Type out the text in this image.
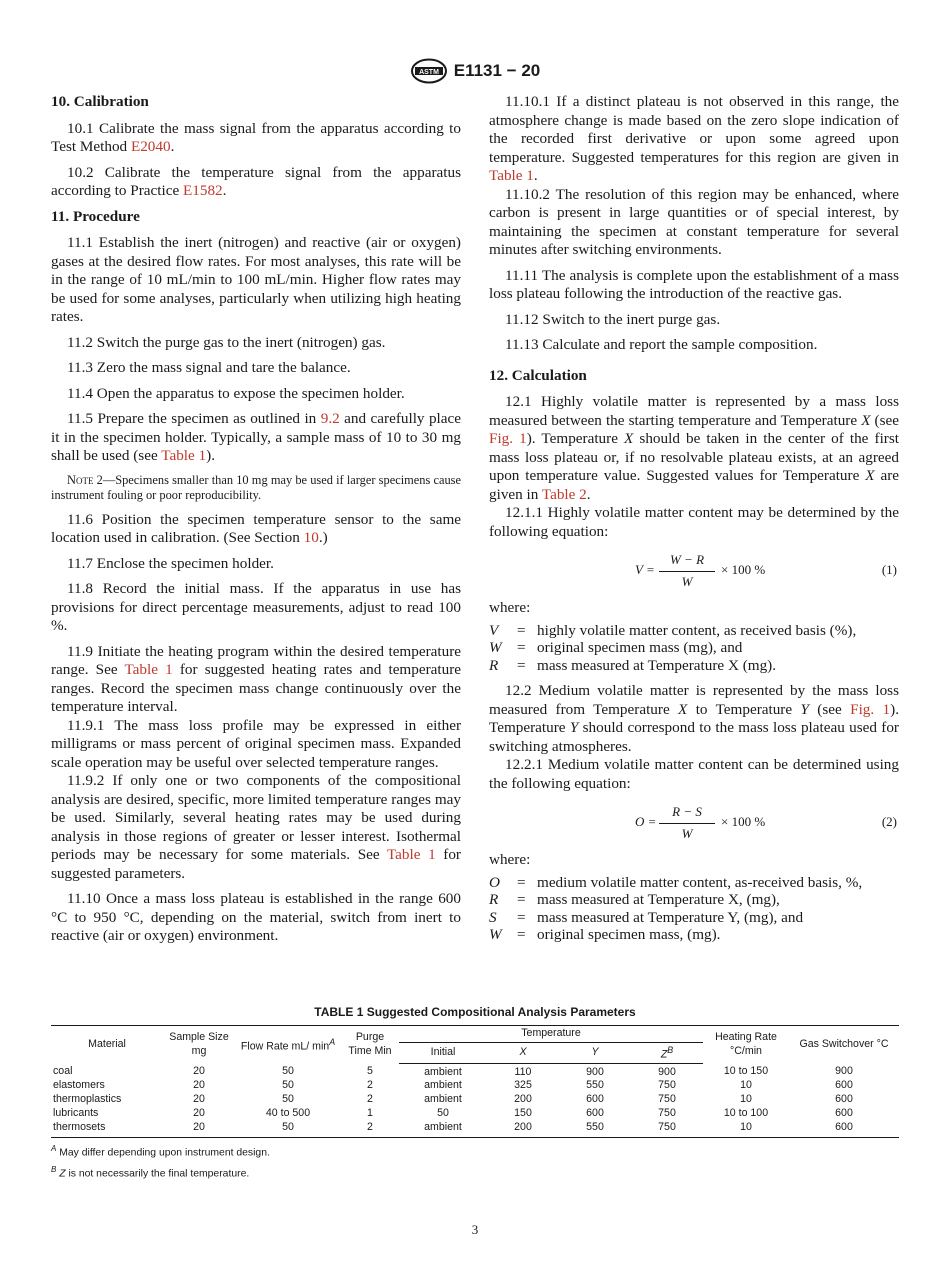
ASTM E1131 − 20
10. Calibration
10.1 Calibrate the mass signal from the apparatus according to Test Method E2040.
10.2 Calibrate the temperature signal from the apparatus according to Practice E1582.
11. Procedure
11.1 Establish the inert (nitrogen) and reactive (air or oxygen) gases at the desired flow rates. For most analyses, this rate will be in the range of 10 mL/min to 100 mL/min. Higher flow rates may be used for some analyses, particularly when utilizing high heating rates.
11.2 Switch the purge gas to the inert (nitrogen) gas.
11.3 Zero the mass signal and tare the balance.
11.4 Open the apparatus to expose the specimen holder.
11.5 Prepare the specimen as outlined in 9.2 and carefully place it in the specimen holder. Typically, a sample mass of 10 to 30 mg shall be used (see Table 1).
Note 2—Specimens smaller than 10 mg may be used if larger specimens cause instrument fouling or poor reproducibility.
11.6 Position the specimen temperature sensor to the same location used in calibration. (See Section 10.)
11.7 Enclose the specimen holder.
11.8 Record the initial mass. If the apparatus in use has provisions for direct percentage measurements, adjust to read 100 %.
11.9 Initiate the heating program within the desired temperature range. See Table 1 for suggested heating rates and temperature ranges. Record the specimen mass change continuously over the temperature interval.
11.9.1 The mass loss profile may be expressed in either milligrams or mass percent of original specimen mass. Expanded scale operation may be useful over selected temperature ranges.
11.9.2 If only one or two components of the compositional analysis are desired, specific, more limited temperature ranges may be used. Similarly, several heating rates may be used during analysis in those regions of greater or lesser interest. Isothermal periods may be necessary for some materials. See Table 1 for suggested parameters.
11.10 Once a mass loss plateau is established in the range 600 °C to 950 °C, depending on the material, switch from inert to reactive (air or oxygen) environment.
11.10.1 If a distinct plateau is not observed in this range, the atmosphere change is made based on the zero slope indication of the recorded first derivative or upon some agreed upon temperature. Suggested temperatures for this region are given in Table 1.
11.10.2 The resolution of this region may be enhanced, where carbon is present in large quantities or of special interest, by maintaining the specimen at constant temperature for several minutes after switching environments.
11.11 The analysis is complete upon the establishment of a mass loss plateau following the introduction of the reactive gas.
11.12 Switch to the inert purge gas.
11.13 Calculate and report the sample composition.
12. Calculation
12.1 Highly volatile matter is represented by a mass loss measured between the starting temperature and Temperature X (see Fig. 1). Temperature X should be taken in the center of the first mass loss plateau or, if no resolvable plateau exists, at an agreed upon temperature value. Suggested values for Temperature X are given in Table 2.
12.1.1 Highly volatile matter content may be determined by the following equation:
$V = \frac{W - R}{W} \times 100$ %	(1)
where:
V	= highly volatile matter content, as received basis (%),
W	= original specimen mass (mg), and
R	= mass measured at Temperature X (mg).
12.2 Medium volatile matter is represented by the mass loss measured from Temperature X to Temperature Y (see Fig. 1). Temperature Y should correspond to the mass loss plateau used for switching atmospheres.
12.2.1 Medium volatile matter content can be determined using the following equation:
$O = \frac{R - S}{W} \times 100$ %	(2)
where:
O	= medium volatile matter content, as-received basis, %,
R	= mass measured at Temperature X, (mg),
S	= mass measured at Temperature Y, (mg), and
W	= original specimen mass, (mg).
TABLE 1 Suggested Compositional Analysis Parameters
Material	Sample Size mg	Flow Rate mL/ $\min^A$	Purge Time Min	Temperature				Heating Rate °C/min	Gas Switchover °C
				Initial	X	Y	$Z^B$
coal	20	50	5	ambient	110	900	900	10 to 150	900
elastomers	20	50	2	ambient	325	550	750	10	600
thermoplastics	20	50	2	ambient	200	600	750	10	600
lubricants	20	40 to 500	1	50	150	600	750	10 to 100	600
thermosets	20	50	2	ambient	200	550	750	10	600
$^A$ May differ depending upon instrument design.
$^B$ Z is not necessarily the final temperature.
3
